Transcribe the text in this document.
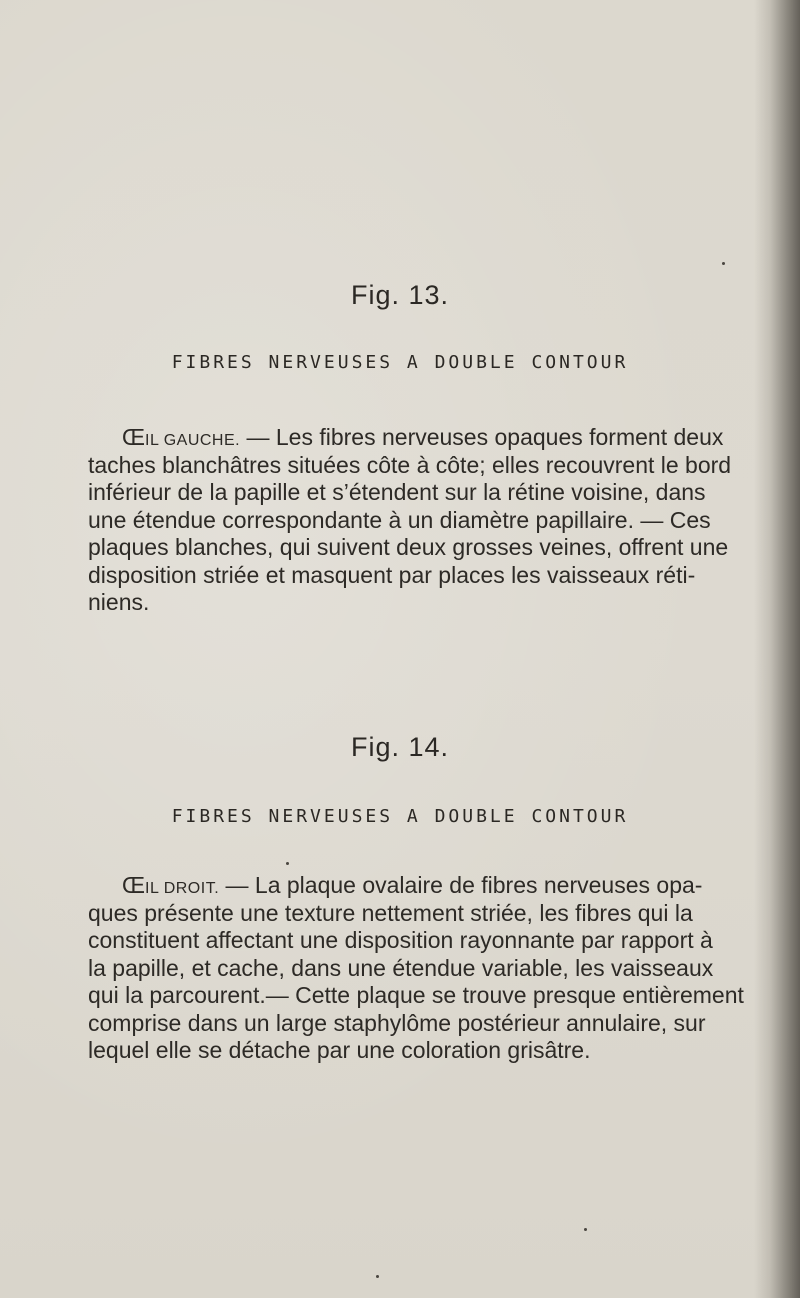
Fig. 13.
FIBRES NERVEUSES A DOUBLE CONTOUR
ŒIL GAUCHE. — Les fibres nerveuses opaques forment deux
taches blanchâtres situées côte à côte; elles recouvrent le bord
inférieur de la papille et s’étendent sur la rétine voisine, dans
une étendue correspondante à un diamètre papillaire. — Ces
plaques blanches, qui suivent deux grosses veines, offrent une
disposition striée et masquent par places les vaisseaux réti-
niens.
Fig. 14.
FIBRES NERVEUSES A DOUBLE CONTOUR
ŒIL DROIT. — La plaque ovalaire de fibres nerveuses opa-
ques présente une texture nettement striée, les fibres qui la
constituent affectant une disposition rayonnante par rapport à
la papille, et cache, dans une étendue variable, les vaisseaux
qui la parcourent.— Cette plaque se trouve presque entièrement
comprise dans un large staphylôme postérieur annulaire, sur
lequel elle se détache par une coloration grisâtre.
